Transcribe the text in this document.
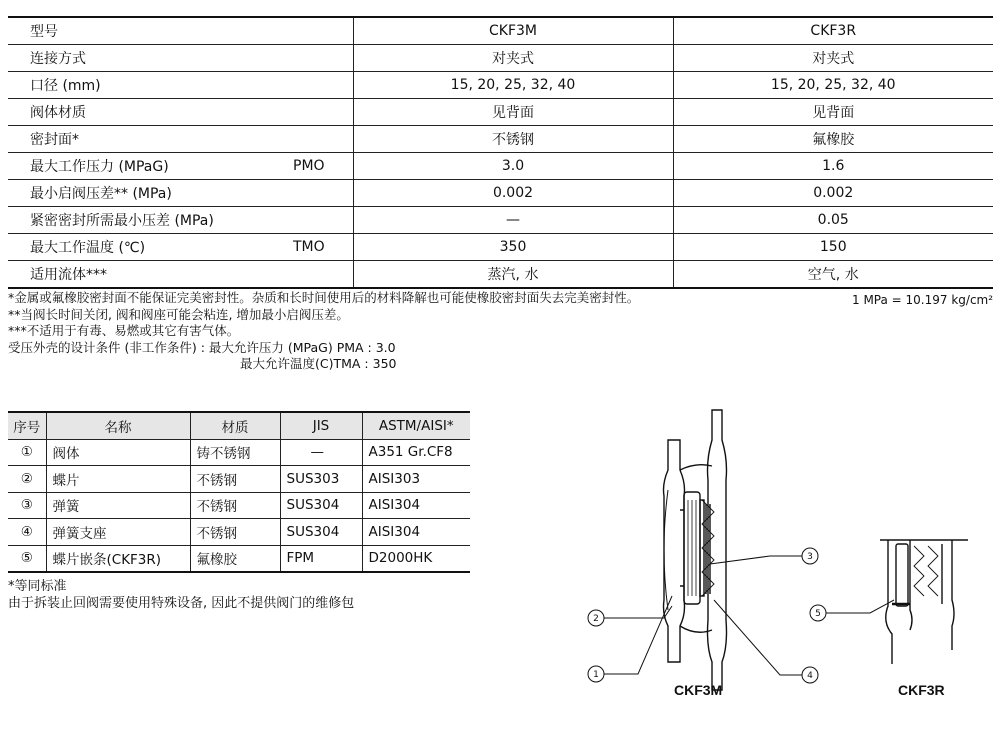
型号	CKF3M	CKF3R
连接方式	对夹式	对夹式
口径 (mm)	15, 20, 25, 32, 40	15, 20, 25, 32, 40
阀体材质	见背面	见背面
密封面*	不锈钢	氟橡胶
最大工作压力 (MPaG) PMO	3.0	1.6
最小启阀压差** (MPa)	0.002	0.002
紧密密封所需最小压差 (MPa)	—	0.05
最大工作温度 (℃) TMO	350	150
适用流体***	蒸汽, 水	空气, 水
*金属或氟橡胶密封面不能保证完美密封性。杂质和长时间使用后的材料降解也可能使橡胶密封面失去完美密封性。
**当阀长时间关闭, 阀和阀座可能会粘连, 增加最小启阀压差。
***不适用于有毒、易燃或其它有害气体。
受压外壳的设计条件 (非工作条件) : 最大允许压力 (MPaG) PMA : 3.0
最大允许温度(C)TMA : 350
1 MPa = 10.197 kg/cm²
序号	名称	材质	JIS	ASTM/AISI*
①	阀体	铸不锈钢	—	A351 Gr.CF8
②	蝶片	不锈钢	SUS303	AISI303
③	弹簧	不锈钢	SUS304	AISI304
④	弹簧支座	不锈钢	SUS304	AISI304
⑤	蝶片嵌条(CKF3R)	氟橡胶	FPM	D2000HK
*等同标准
由于拆装止回阀需要使用特殊设备, 因此不提供阀门的维修包
2
1
3
4
5
CKF3M	CKF3R
